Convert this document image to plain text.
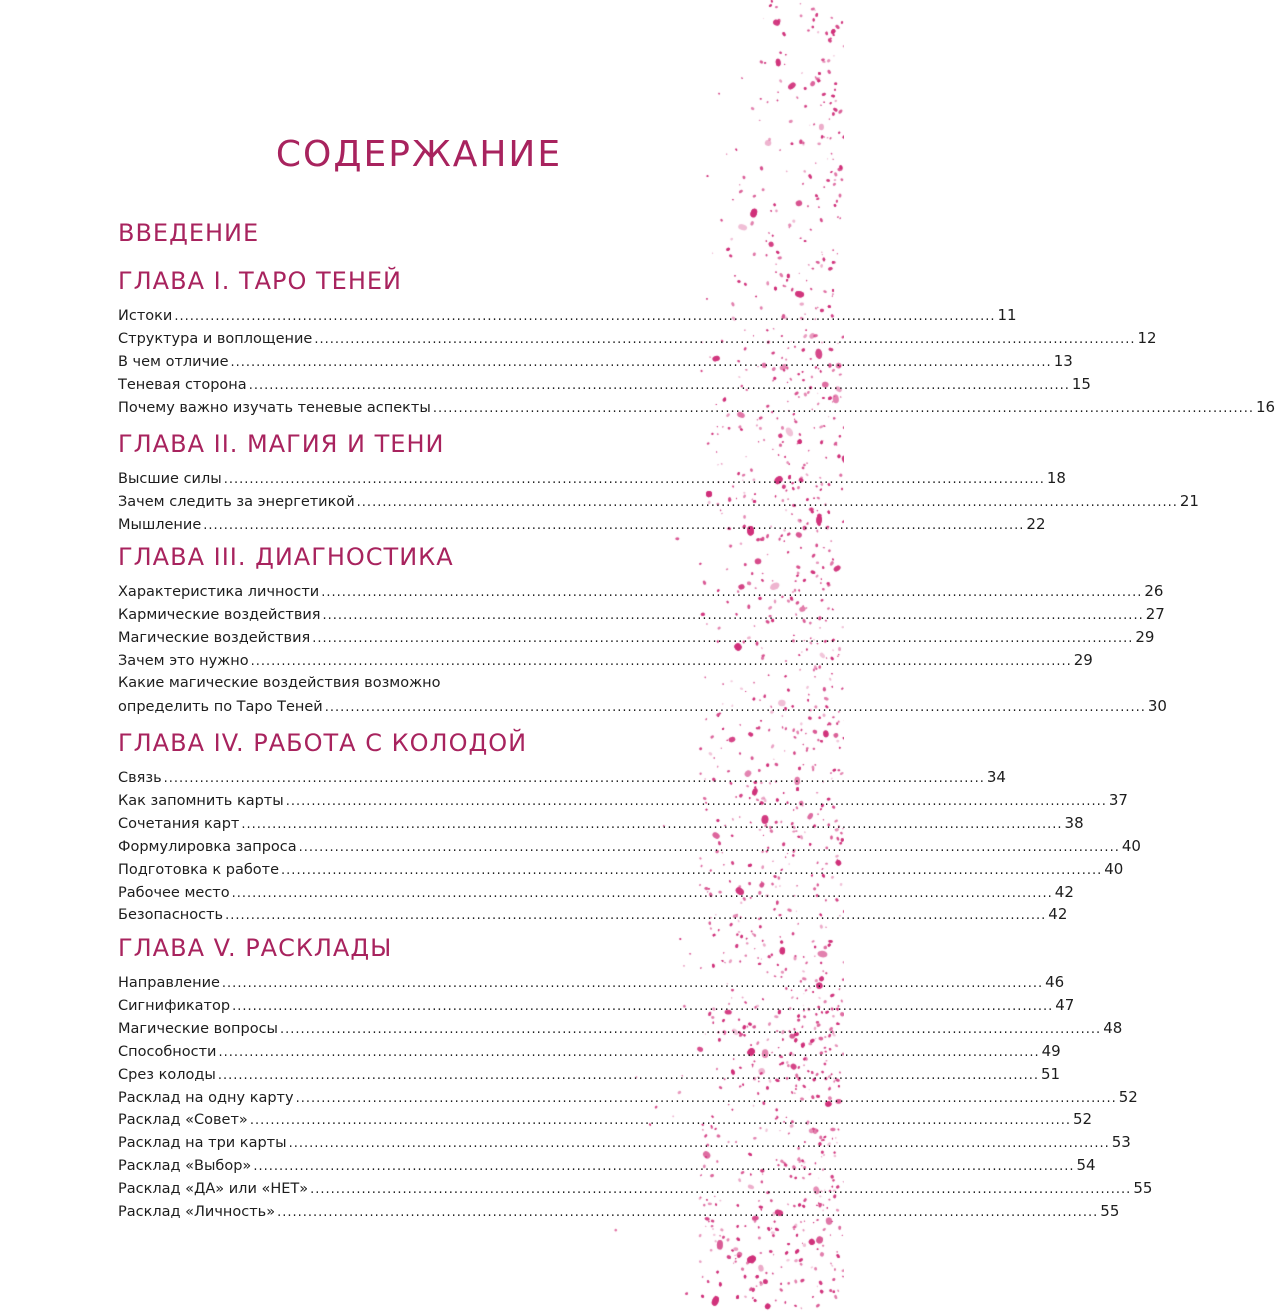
СОДЕРЖАНИЕ
ВВЕДЕНИЕ
ГЛАВА I. ТАРО ТЕНЕЙ
Истоки ................................................................................................................................................................ 11
Структура и воплощение ................................................................................................................................................................ 12
В чем отличие ................................................................................................................................................................ 13
Теневая сторона ................................................................................................................................................................ 15
Почему важно изучать теневые аспекты ................................................................................................................................................................ 16
ГЛАВА II. МАГИЯ И ТЕНИ
Высшие силы ................................................................................................................................................................ 18
Зачем следить за энергетикой ................................................................................................................................................................ 21
Мышление ................................................................................................................................................................ 22
ГЛАВА III. ДИАГНОСТИКА
Характеристика личности ................................................................................................................................................................ 26
Кармические воздействия ................................................................................................................................................................ 27
Магические воздействия ................................................................................................................................................................ 29
Зачем это нужно ................................................................................................................................................................ 29
Какие магические воздействия возможно
определить по Таро Теней ................................................................................................................................................................ 30
ГЛАВА IV. РАБОТА С КОЛОДОЙ
Связь ................................................................................................................................................................ 34
Как запомнить карты ................................................................................................................................................................ 37
Сочетания карт ................................................................................................................................................................ 38
Формулировка запроса ................................................................................................................................................................ 40
Подготовка к работе ................................................................................................................................................................ 40
Рабочее место ................................................................................................................................................................ 42
Безопасность ................................................................................................................................................................ 42
ГЛАВА V. РАСКЛАДЫ
Направление ................................................................................................................................................................ 46
Сигнификатор ................................................................................................................................................................ 47
Магические вопросы ................................................................................................................................................................ 48
Способности ................................................................................................................................................................ 49
Срез колоды ................................................................................................................................................................ 51
Расклад на одну карту ................................................................................................................................................................ 52
Расклад «Совет» ................................................................................................................................................................ 52
Расклад на три карты ................................................................................................................................................................ 53
Расклад «Выбор» ................................................................................................................................................................ 54
Расклад «ДА» или «НЕТ» ................................................................................................................................................................ 55
Расклад «Личность» ................................................................................................................................................................ 55
